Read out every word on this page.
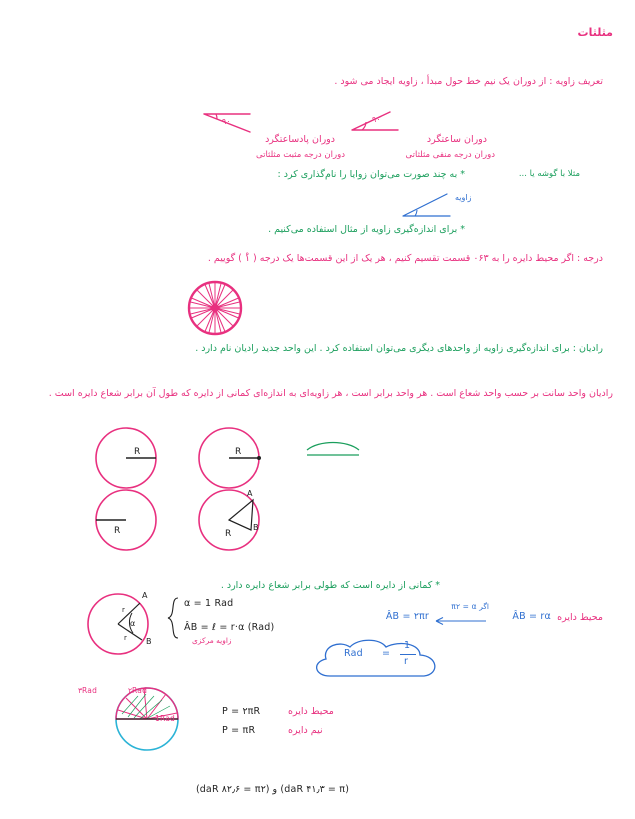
مثلثات
تعریف زاویه : از دوران یک نیم خط حول مبدأ ، زاویه ایجاد می شود .
۹۰
۹۰
دوران ساعتگرد
دوران درجه منفی مثلثاتی
دوران پادساعتگرد
دوران درجه مثبت مثلثاتی
* به چند صورت می‌توان زوایا را نام‌گذاری کرد :	مثلا با گوشه یا ...
زاویه
* برای اندازه‌گیری زاویه از مثال استفاده می‌کنیم .
درجه : اگر محیط دایره را به ۳۶۰ قسمت تقسیم کنیم ، هر یک از این قسمت‌ها یک درجه ( ۱ْ ) گوییم .
رادیان : برای اندازه‌گیری زاویه از واحدهای دیگری می‌توان استفاده کرد . این واحد جدید رادیان نام دارد .
رادیان واحد سانت بر حسب واحد شعاع است . هر واحد برابر است ، هر زاویه‌ای به اندازه‌ای کمانی از دایره که طول آن برابر شعاع دایره است .
R	R
R
A
B
R
* کمانی از دایره است که طولی برابر شعاع دایره دارد .
r
r
α
A
B
α = 1 Rad
ÂB = ℓ = r·α (Rad)
زاویه مرکزی
محیط دایره
ÂB = rα
اگر α = ۲π
ÂB = ۲πr
Rad =
1
r
۳Rad	۲Rad
1Rad
P = ۲πR	محیط دایره
P = πR	نیم دایره
(π = ۳٫۱۴ Rad) و (۲π = ۶٫۲۸ Rad)
